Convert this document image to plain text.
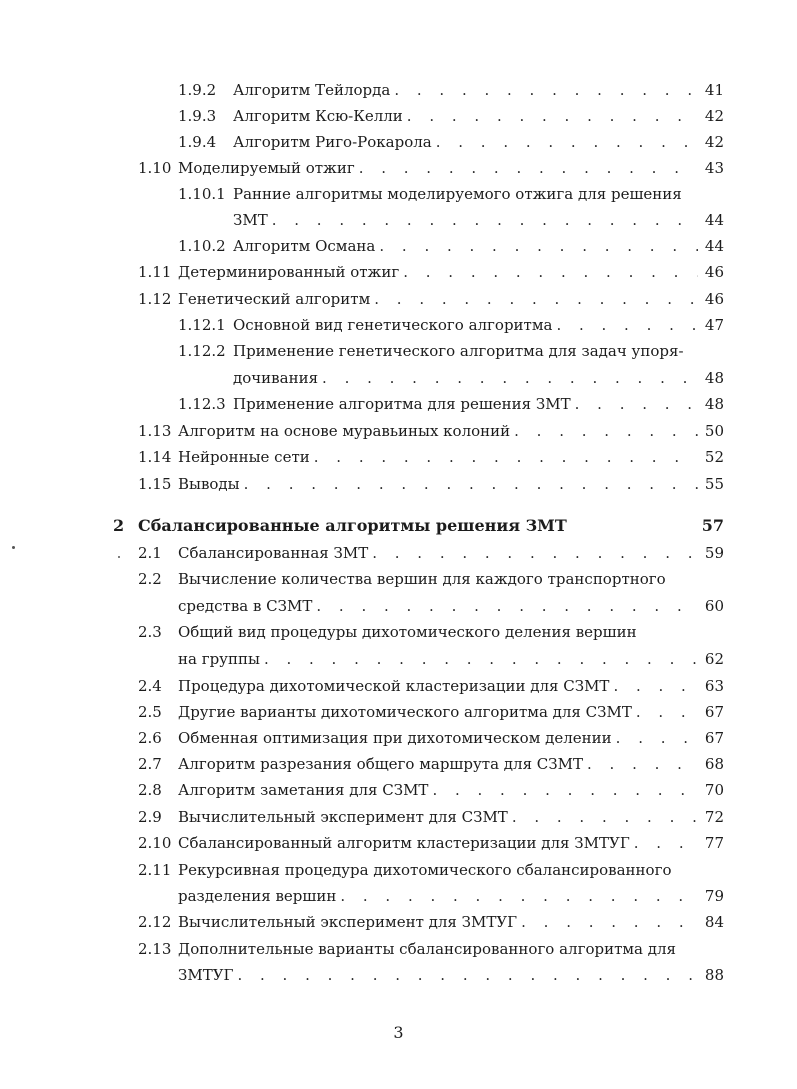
1.9.2 Алгоритм Тейлорда . . .	41
1.9.3 Алгоритм Ксю-Келли . . .	42
1.9.4 Алгоритм Риго-Рокарола . . .	42
1.10 Моделируемый отжиг . . .	43
1.10.1 Ранние алгоритмы моделируемого отжига для решения
ЗМТ . . .	44
1.10.2 Алгоритм Османа . . .	44
1.11 Детерминированный отжиг . . .	46
1.12 Генетический алгоритм . . .	46
1.12.1 Основной вид генетического алгоритма . . .	47
1.12.2 Применение генетического алгоритма для задач упоря-
дочивания . . .	48
1.12.3 Применение алгоритма для решения ЗМТ . . .	48
1.13 Алгоритм на основе муравьиных колоний . . .	50
1.14 Нейронные сети . . .	52
1.15 Выводы . . .	55
2 Сбалансированные алгоритмы решения ЗМТ	57
2.1 Сбалансированная ЗМТ . . .	59
2.2 Вычисление количества вершин для каждого транспортного
средства в СЗМТ . . .	60
2.3 Общий вид процедуры дихотомического деления вершин
на группы . . .	62
2.4 Процедура дихотомической кластеризации для СЗМТ . . .	63
2.5 Другие варианты дихотомического алгоритма для СЗМТ . . .	67
2.6 Обменная оптимизация при дихотомическом делении . . .	67
2.7 Алгоритм разрезания общего маршрута для СЗМТ . . .	68
2.8 Алгоритм заметания для СЗМТ . . .	70
2.9 Вычислительный эксперимент для СЗМТ . . .	72
2.10 Сбалансированный алгоритм кластеризации для ЗМТУГ . . .	77
2.11 Рекурсивная процедура дихотомического сбалансированного
разделения вершин . . .	79
2.12 Вычислительный эксперимент для ЗМТУГ . . .	84
2.13 Дополнительные варианты сбалансированного алгоритма для
ЗМТУГ . . .	88
3
